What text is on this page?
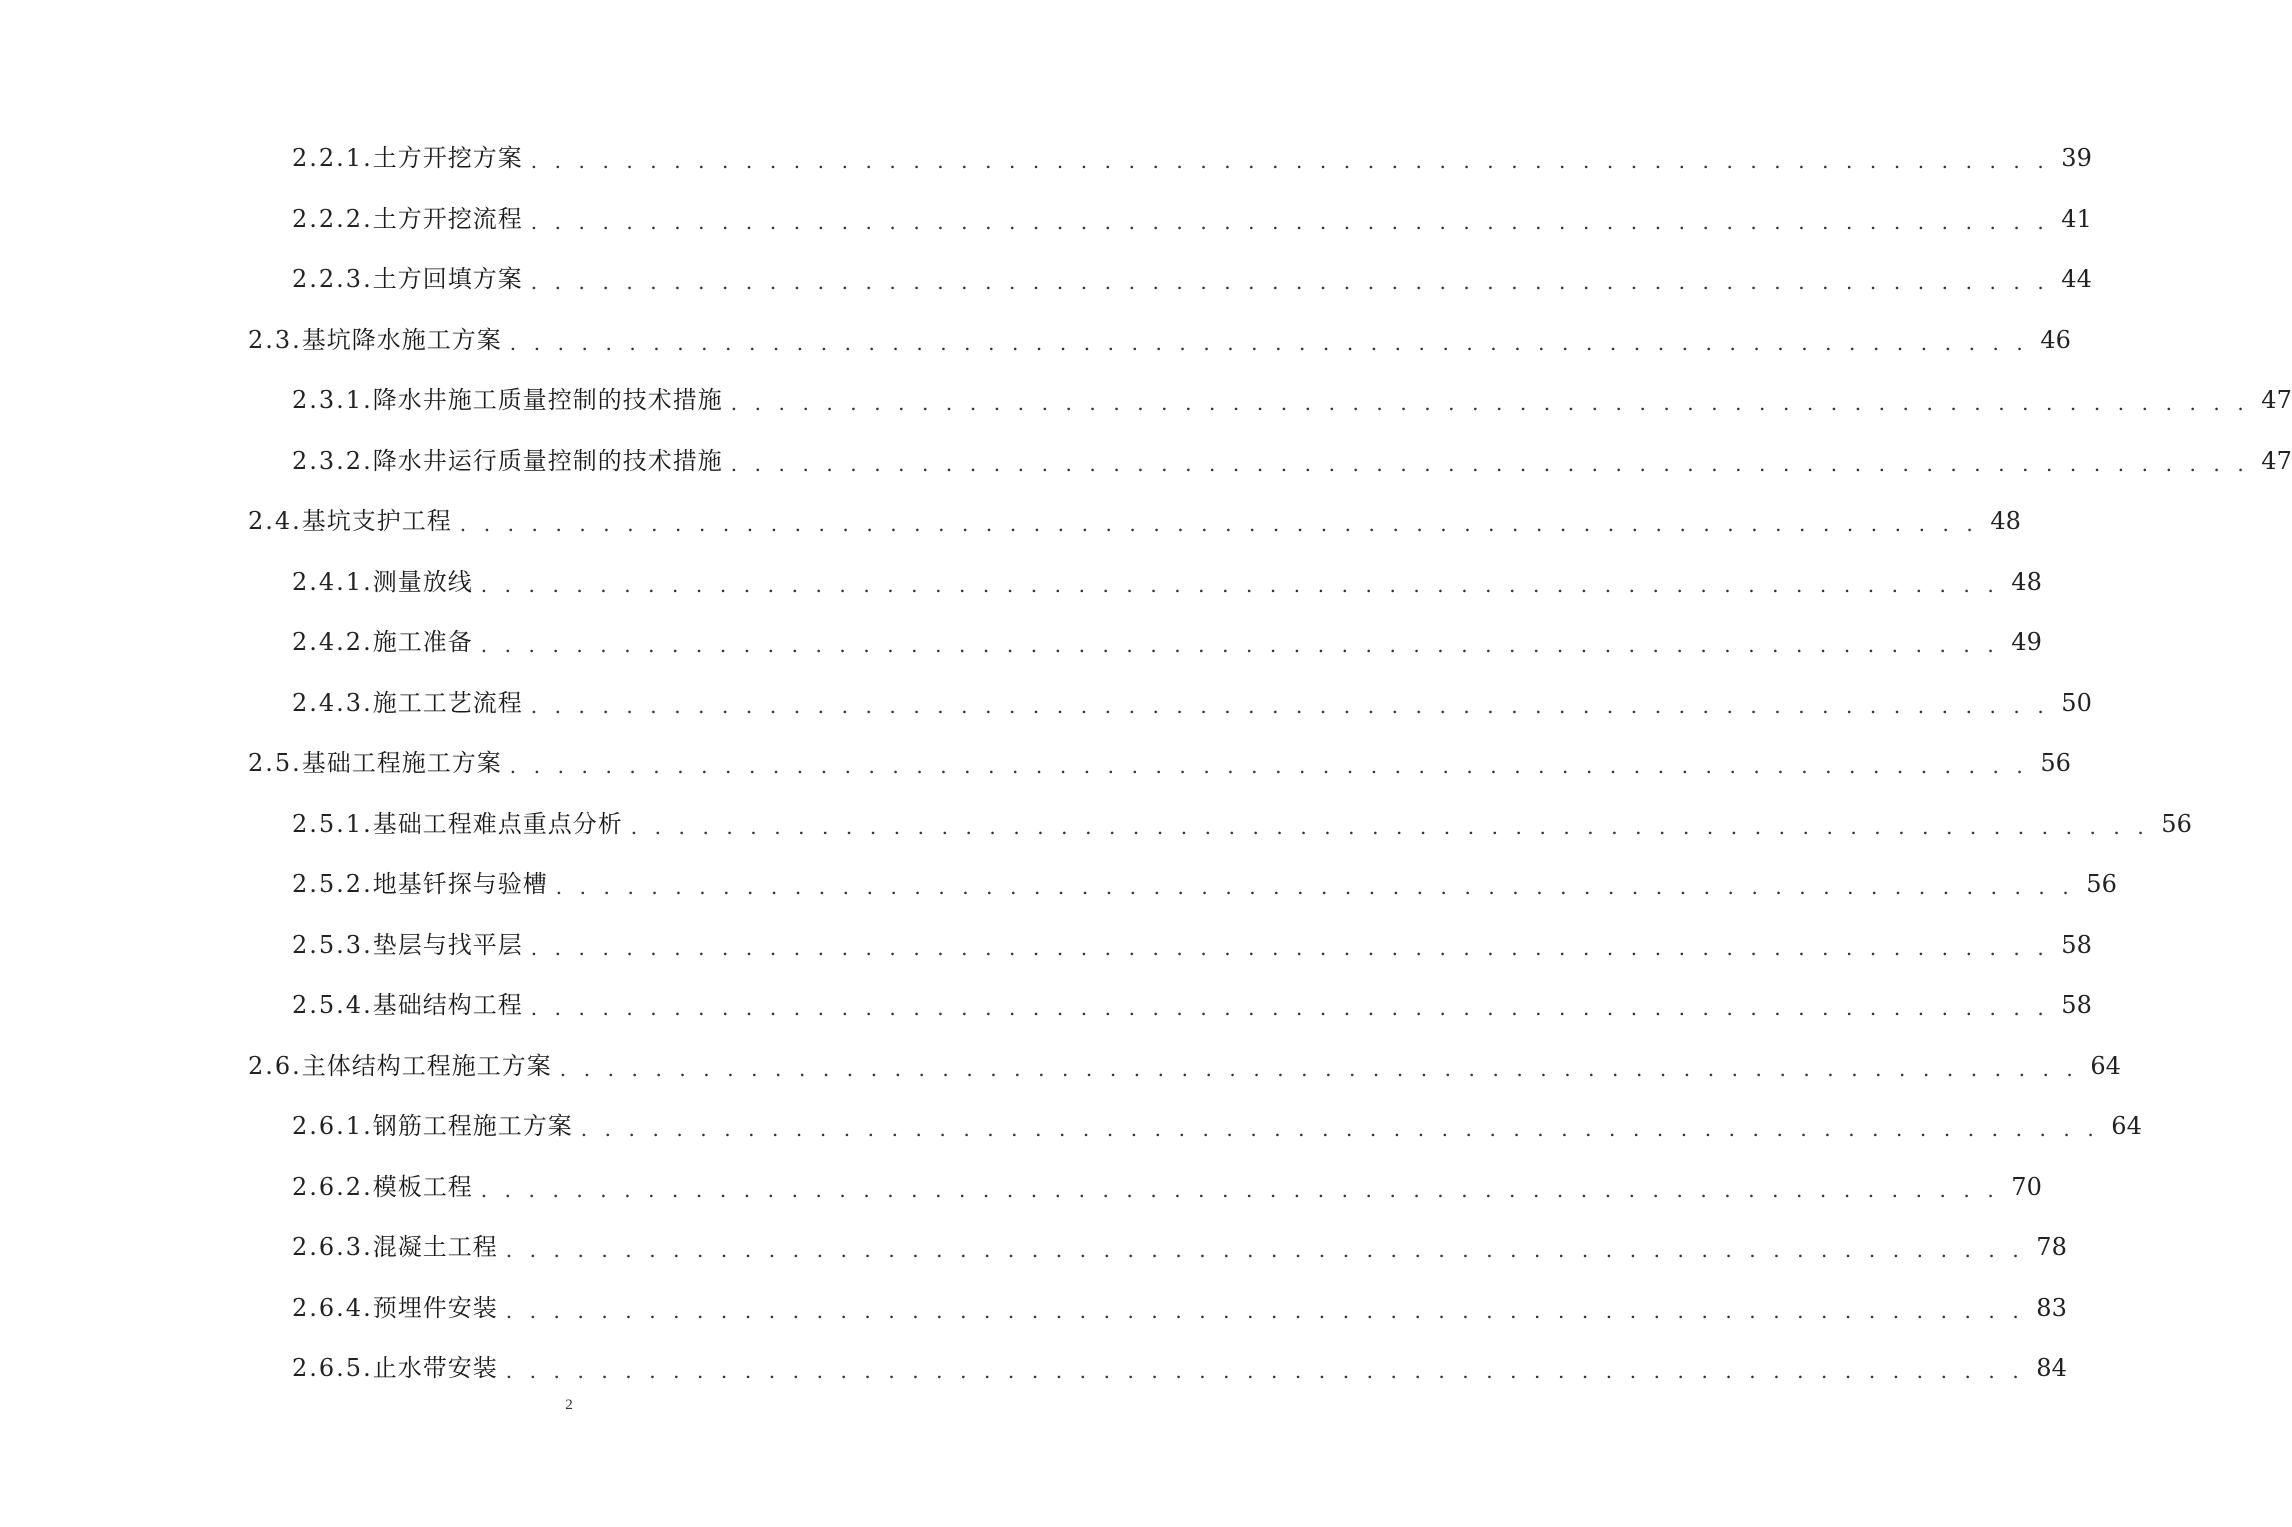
2.2.1. 土方开挖方案 . . . . . . . . . . . . . . . . . . . . . . . . . . . . . . . . . . . . . . . . . . . . . . . . . . . . . . . . . . . . . . . . 39
2.2.2. 土方开挖流程 . . . . . . . . . . . . . . . . . . . . . . . . . . . . . . . . . . . . . . . . . . . . . . . . . . . . . . . . . . . . . . . . 41
2.2.3. 土方回填方案 . . . . . . . . . . . . . . . . . . . . . . . . . . . . . . . . . . . . . . . . . . . . . . . . . . . . . . . . . . . . . . . . 44
2.3. 基坑降水施工方案 . . . . . . . . . . . . . . . . . . . . . . . . . . . . . . . . . . . . . . . . . . . . . . . . . . . . . . . . . . . . . . . . 46
2.3.1. 降水井施工质量控制的技术措施 . . . . . . . . . . . . . . . . . . . . . . . . . . . . . . . . . . . . . . . . . . . . . . . . . . . . . . . . . . . . . . . . 47
2.3.2. 降水井运行质量控制的技术措施 . . . . . . . . . . . . . . . . . . . . . . . . . . . . . . . . . . . . . . . . . . . . . . . . . . . . . . . . . . . . . . . . 47
2.4. 基坑支护工程 . . . . . . . . . . . . . . . . . . . . . . . . . . . . . . . . . . . . . . . . . . . . . . . . . . . . . . . . . . . . . . . . 48
2.4.1. 测量放线 . . . . . . . . . . . . . . . . . . . . . . . . . . . . . . . . . . . . . . . . . . . . . . . . . . . . . . . . . . . . . . . . 48
2.4.2. 施工准备 . . . . . . . . . . . . . . . . . . . . . . . . . . . . . . . . . . . . . . . . . . . . . . . . . . . . . . . . . . . . . . . . 49
2.4.3. 施工工艺流程 . . . . . . . . . . . . . . . . . . . . . . . . . . . . . . . . . . . . . . . . . . . . . . . . . . . . . . . . . . . . . . . . 50
2.5. 基础工程施工方案 . . . . . . . . . . . . . . . . . . . . . . . . . . . . . . . . . . . . . . . . . . . . . . . . . . . . . . . . . . . . . . . . 56
2.5.1. 基础工程难点重点分析 . . . . . . . . . . . . . . . . . . . . . . . . . . . . . . . . . . . . . . . . . . . . . . . . . . . . . . . . . . . . . . . . 56
2.5.2. 地基钎探与验槽 . . . . . . . . . . . . . . . . . . . . . . . . . . . . . . . . . . . . . . . . . . . . . . . . . . . . . . . . . . . . . . . . 56
2.5.3. 垫层与找平层 . . . . . . . . . . . . . . . . . . . . . . . . . . . . . . . . . . . . . . . . . . . . . . . . . . . . . . . . . . . . . . . . 58
2.5.4. 基础结构工程 . . . . . . . . . . . . . . . . . . . . . . . . . . . . . . . . . . . . . . . . . . . . . . . . . . . . . . . . . . . . . . . . 58
2.6. 主体结构工程施工方案 . . . . . . . . . . . . . . . . . . . . . . . . . . . . . . . . . . . . . . . . . . . . . . . . . . . . . . . . . . . . . . . . 64
2.6.1. 钢筋工程施工方案 . . . . . . . . . . . . . . . . . . . . . . . . . . . . . . . . . . . . . . . . . . . . . . . . . . . . . . . . . . . . . . . . 64
2.6.2. 模板工程 . . . . . . . . . . . . . . . . . . . . . . . . . . . . . . . . . . . . . . . . . . . . . . . . . . . . . . . . . . . . . . . . 70
2.6.3. 混凝土工程 . . . . . . . . . . . . . . . . . . . . . . . . . . . . . . . . . . . . . . . . . . . . . . . . . . . . . . . . . . . . . . . . 78
2.6.4. 预埋件安装 . . . . . . . . . . . . . . . . . . . . . . . . . . . . . . . . . . . . . . . . . . . . . . . . . . . . . . . . . . . . . . . . 83
2.6.5. 止水带安装 . . . . . . . . . . . . . . . . . . . . . . . . . . . . . . . . . . . . . . . . . . . . . . . . . . . . . . . . . . . . . . . . 84
2
